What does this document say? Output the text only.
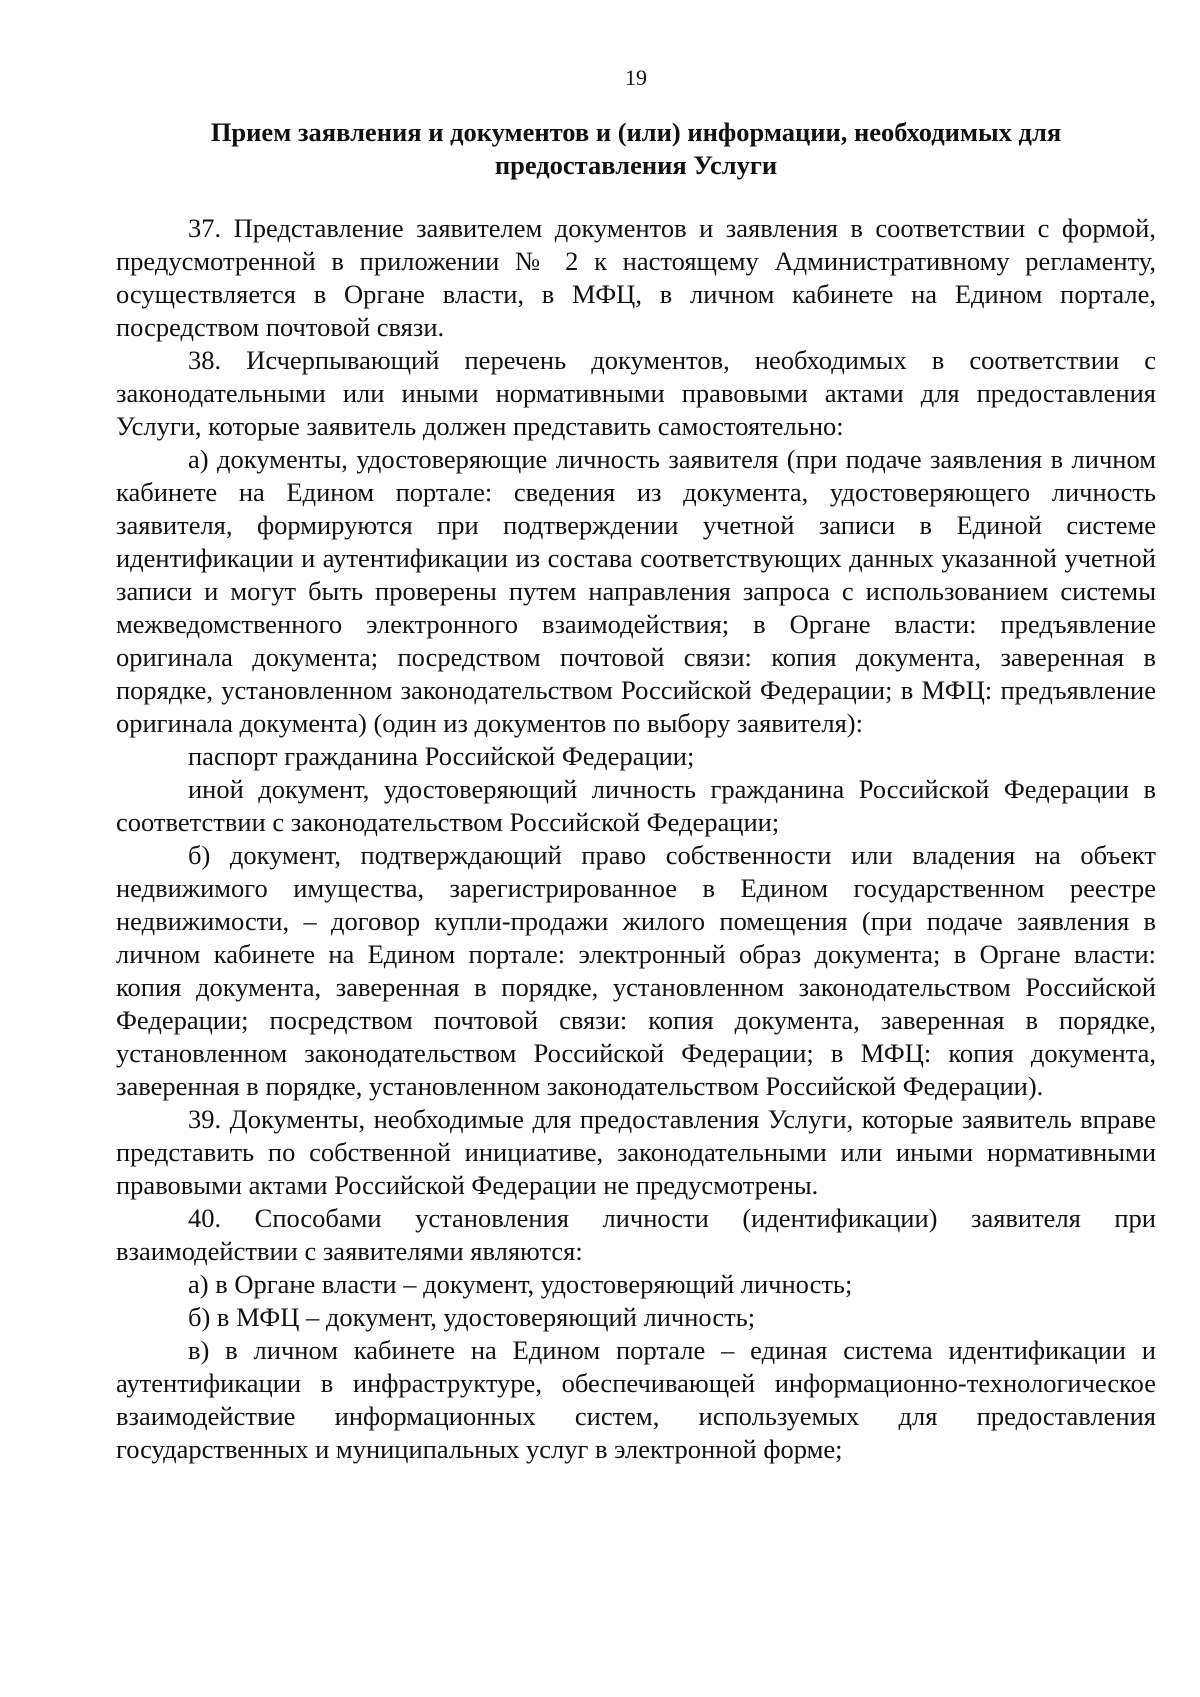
19

Прием заявления и документов и (или) информации, необходимых для предоставления Услуги

37. Представление заявителем документов и заявления в соответствии с формой, предусмотренной в приложении № 2 к настоящему Административному регламенту, осуществляется в Органе власти, в МФЦ, в личном кабинете на Едином портале, посредством почтовой связи.

38. Исчерпывающий перечень документов, необходимых в соответствии с законодательными или иными нормативными правовыми актами для предоставления Услуги, которые заявитель должен представить самостоятельно:

а) документы, удостоверяющие личность заявителя (при подаче заявления в личном кабинете на Едином портале: сведения из документа, удостоверяющего личность заявителя, формируются при подтверждении учетной записи в Единой системе идентификации и аутентификации из состава соответствующих данных указанной учетной записи и могут быть проверены путем направления запроса с использованием системы межведомственного электронного взаимодействия; в Органе власти: предъявление оригинала документа; посредством почтовой связи: копия документа, заверенная в порядке, установленном законодательством Российской Федерации; в МФЦ: предъявление оригинала документа) (один из документов по выбору заявителя):

паспорт гражданина Российской Федерации;

иной документ, удостоверяющий личность гражданина Российской Федерации в соответствии с законодательством Российской Федерации;

б) документ, подтверждающий право собственности или владения на объект недвижимого имущества, зарегистрированное в Едином государственном реестре недвижимости, – договор купли-продажи жилого помещения (при подаче заявления в личном кабинете на Едином портале: электронный образ документа; в Органе власти: копия документа, заверенная в порядке, установленном законодательством Российской Федерации; посредством почтовой связи: копия документа, заверенная в порядке, установленном законодательством Российской Федерации; в МФЦ: копия документа, заверенная в порядке, установленном законодательством Российской Федерации).

39. Документы, необходимые для предоставления Услуги, которые заявитель вправе представить по собственной инициативе, законодательными или иными нормативными правовыми актами Российской Федерации не предусмотрены.

40. Способами установления личности (идентификации) заявителя при взаимодействии с заявителями являются:

а) в Органе власти – документ, удостоверяющий личность;

б) в МФЦ – документ, удостоверяющий личность;

в) в личном кабинете на Едином портале – единая система идентификации и аутентификации в инфраструктуре, обеспечивающей информационно-технологическое взаимодействие информационных систем, используемых для предоставления государственных и муниципальных услуг в электронной форме;
